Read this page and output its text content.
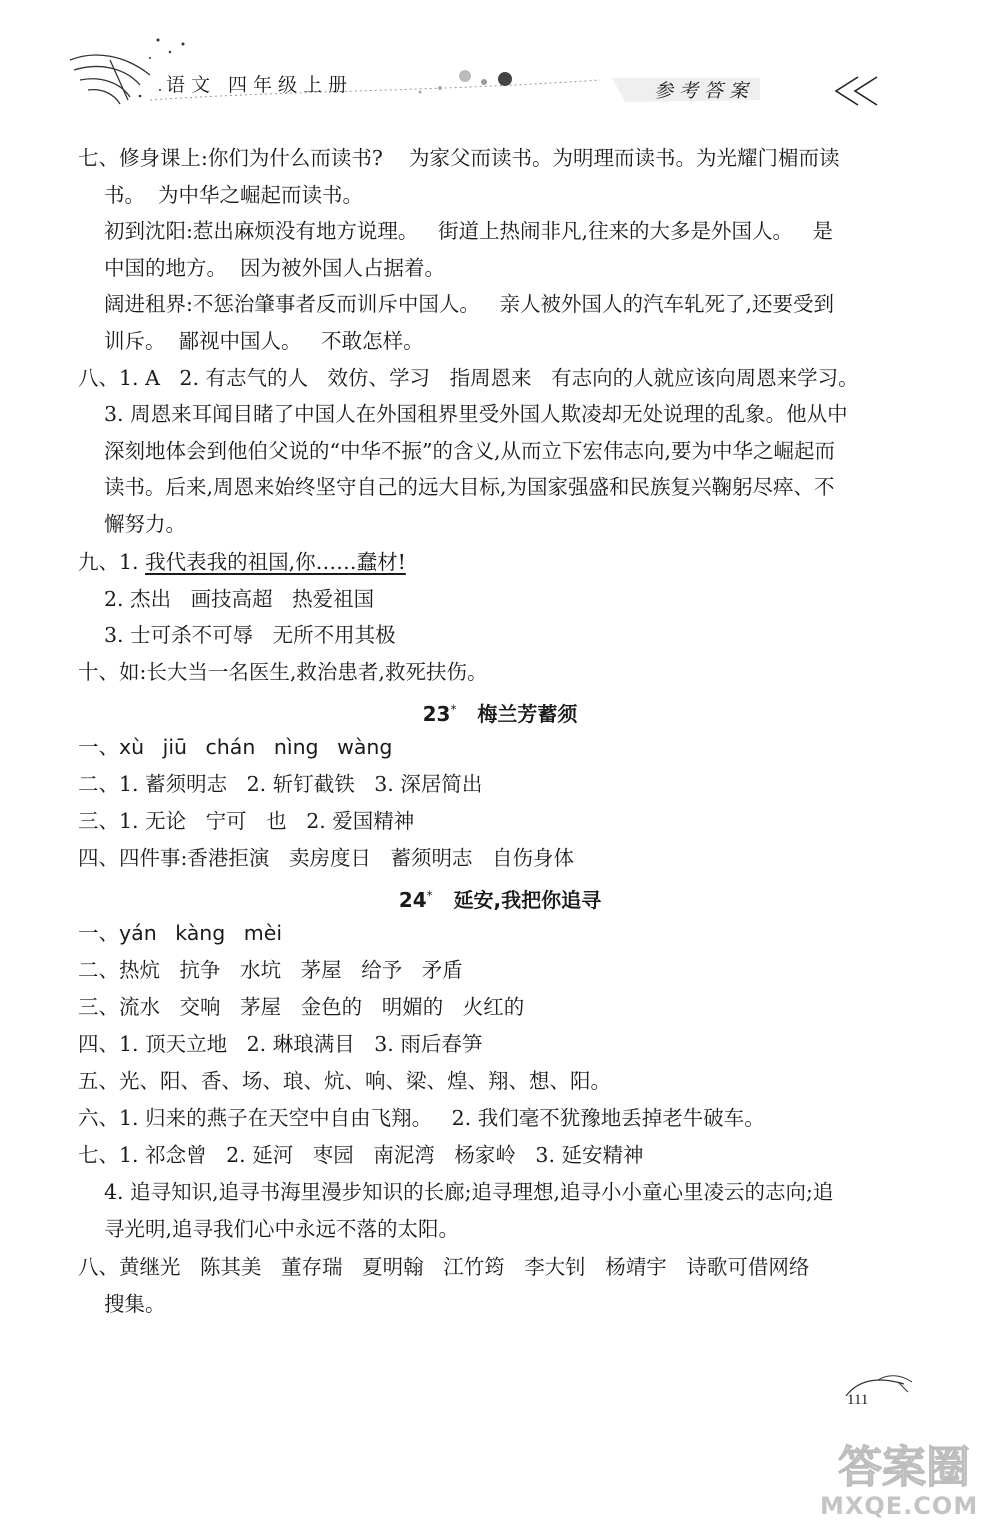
语文 四年级上册	参考答案
七、修身课上:你们为什么而读书?    为家父而读书。为明理而读书。为光耀门楣而读
书。  为中华之崛起而读书。
初到沈阳:惹出麻烦没有地方说理。   街道上热闹非凡,往来的大多是外国人。   是
中国的地方。  因为被外国人占据着。
阔进租界:不惩治肇事者反而训斥中国人。   亲人被外国人的汽车轧死了,还要受到
训斥。  鄙视中国人。   不敢怎样。
八、1. A   2. 有志气的人   效仿、学习   指周恩来   有志向的人就应该向周恩来学习。
3. 周恩来耳闻目睹了中国人在外国租界里受外国人欺凌却无处说理的乱象。他从中
深刻地体会到他伯父说的“中华不振”的含义,从而立下宏伟志向,要为中华之崛起而
读书。后来,周恩来始终坚守自己的远大目标,为国家强盛和民族复兴鞠躬尽瘁、不
懈努力。
九、1. 我代表我的祖国,你……蠢材!
2. 杰出   画技高超   热爱祖国
3. 士可杀不可辱   无所不用其极
十、如:长大当一名医生,救治患者,救死扶伤。
23* 梅兰芳蓄须
一、xù jiū chán nìng wàng
二、1. 蓄须明志   2. 斩钉截铁   3. 深居简出
三、1. 无论   宁可   也   2. 爱国精神
四、四件事:香港拒演   卖房度日   蓄须明志   自伤身体
24* 延安,我把你追寻
一、yán kàng mèi
二、热炕   抗争   水坑   茅屋   给予   矛盾
三、流水   交响   茅屋   金色的   明媚的   火红的
四、1. 顶天立地   2. 琳琅满目   3. 雨后春笋
五、光、阳、香、场、琅、炕、响、梁、煌、翔、想、阳。
六、1. 归来的燕子在天空中自由飞翔。   2. 我们毫不犹豫地丢掉老牛破车。
七、1. 祁念曾   2. 延河   枣园   南泥湾   杨家岭   3. 延安精神
4. 追寻知识,追寻书海里漫步知识的长廊;追寻理想,追寻小小童心里凌云的志向;追
寻光明,追寻我们心中永远不落的太阳。
八、黄继光   陈其美   董存瑞   夏明翰   江竹筠   李大钊   杨靖宇   诗歌可借网络
搜集。
111
答案圈
MXQE.COM
